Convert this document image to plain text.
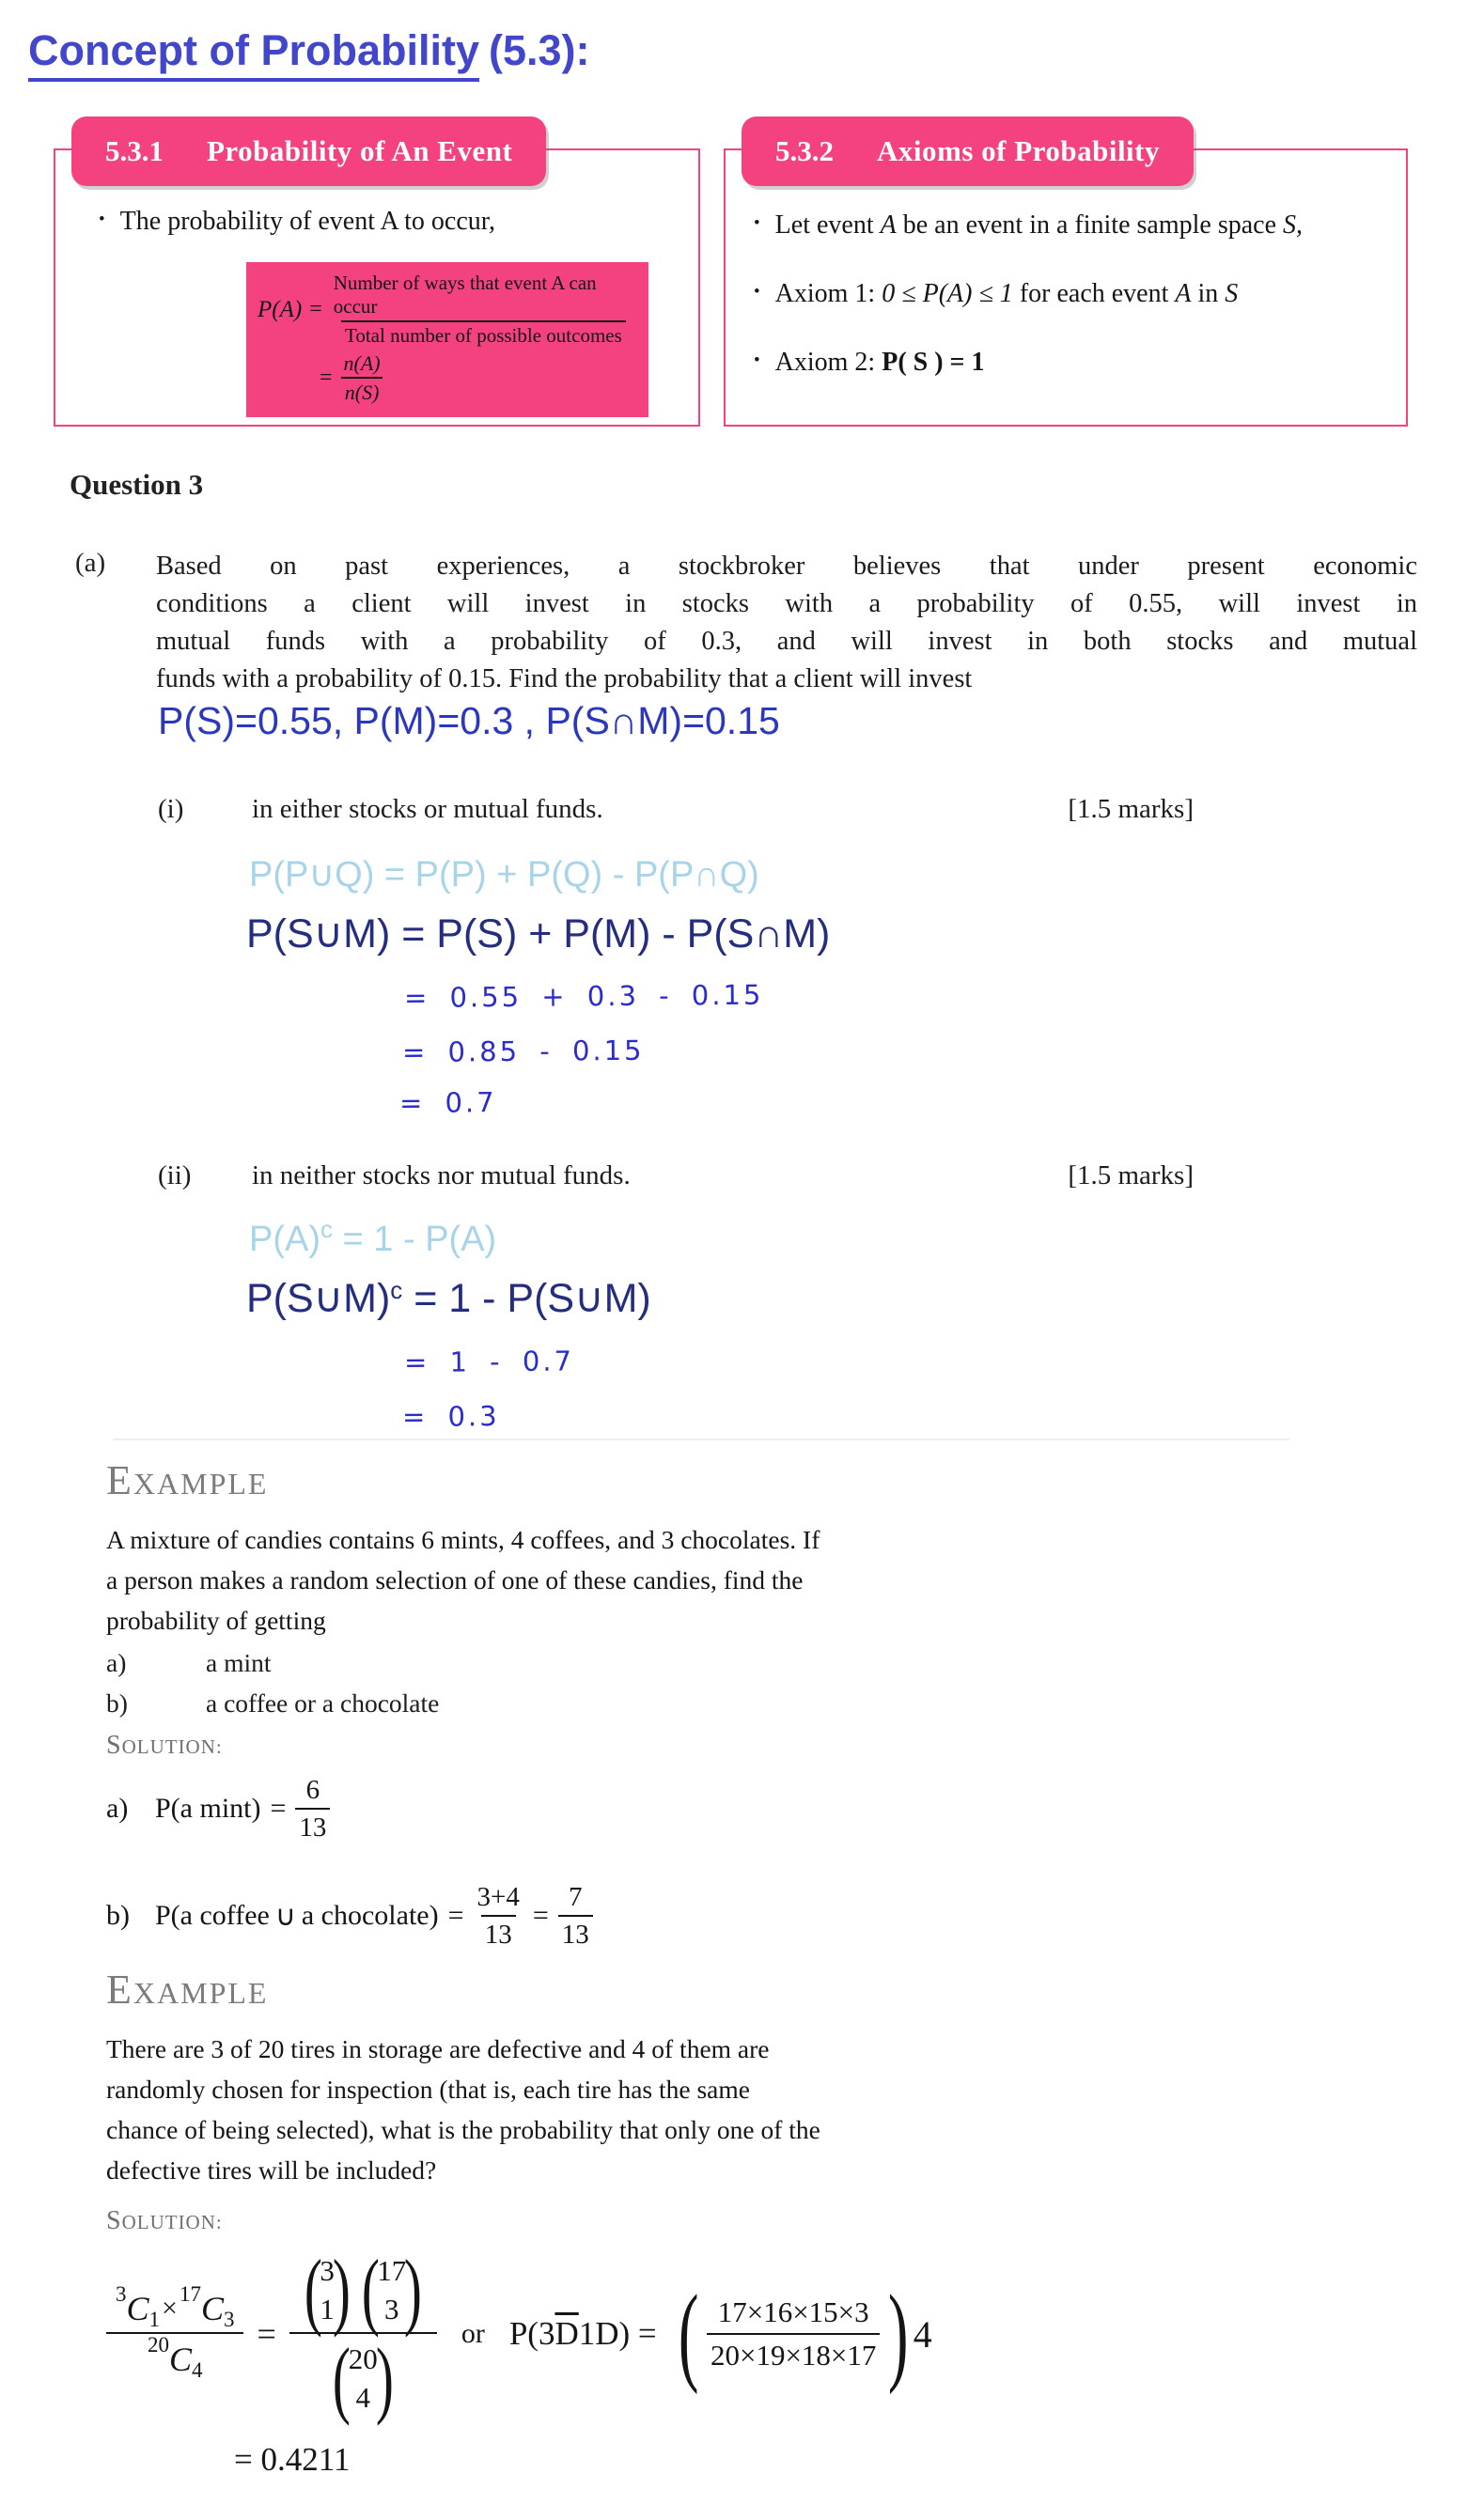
Concept of Probability (5.3):
5.3.1 Probability of An Event
• The probability of event A to occur,
$P(A) = \frac{\text{Number of ways that event A can occur}}{\text{Total number of possible outcomes}}$
= $\frac{n(A)}{n(S)}$
5.3.2 Axioms of Probability
• Let event A be an event in a finite sample space S,
• Axiom 1: 0 ≤ P(A) ≤ 1 for each event A in S
• Axiom 2: P( S ) = 1
Question 3
(a)	Based on past experiences, a stockbroker believes that under present economic
conditions a client will invest in stocks with a probability of 0.55, will invest in
mutual funds with a probability of 0.3, and will invest in both stocks and mutual
funds with a probability of 0.15. Find the probability that a client will invest
P(S)=0.55, P(M)=0.3 , P(S∩M)=0.15
(i)	in either stocks or mutual funds.	[1.5 marks]
P(P∪Q) = P(P) + P(Q) - P(P∩Q)
P(S∪M) = P(S) + P(M) - P(S∩M)
= 0.55 + 0.3 - 0.15
= 0.85 - 0.15
= 0.7
(ii)	in neither stocks nor mutual funds.	[1.5 marks]
$P(A)^c = 1 - P(A)$
P(S∪M)$^c$ = 1 - P(S∪M)
= 1 - 0.7
= 0.3
EXAMPLE
A mixture of candies contains 6 mints, 4 coffees, and 3 chocolates. If
a person makes a random selection of one of these candies, find the
probability of getting
a)	a mint
b)	a coffee or a chocolate
SOLUTION:
a) P(a $\min t) = \frac{6}{13}$
b) P(a coffee ∪ a chocolate) = $\frac{3+4}{13} = \frac{7}{13}$
EXAMPLE
There are 3 of 20 tires in storage are defective and 4 of them are
randomly chosen for inspection (that is, each tire has the same
chance of being selected), what is the probability that only one of the
defective tires will be included?
SOLUTION:
$\frac{3 C 1 \times 17 C 3}{20 C 4}$ = (
3
1
) (
17
3 )
(
20
4 ) or $P(3\overline{D}1D)$ = ( $\frac{17\times 16\times 15\times 3}{20\times 19\times 18\times 17}$ ) 4
= 0.4211
